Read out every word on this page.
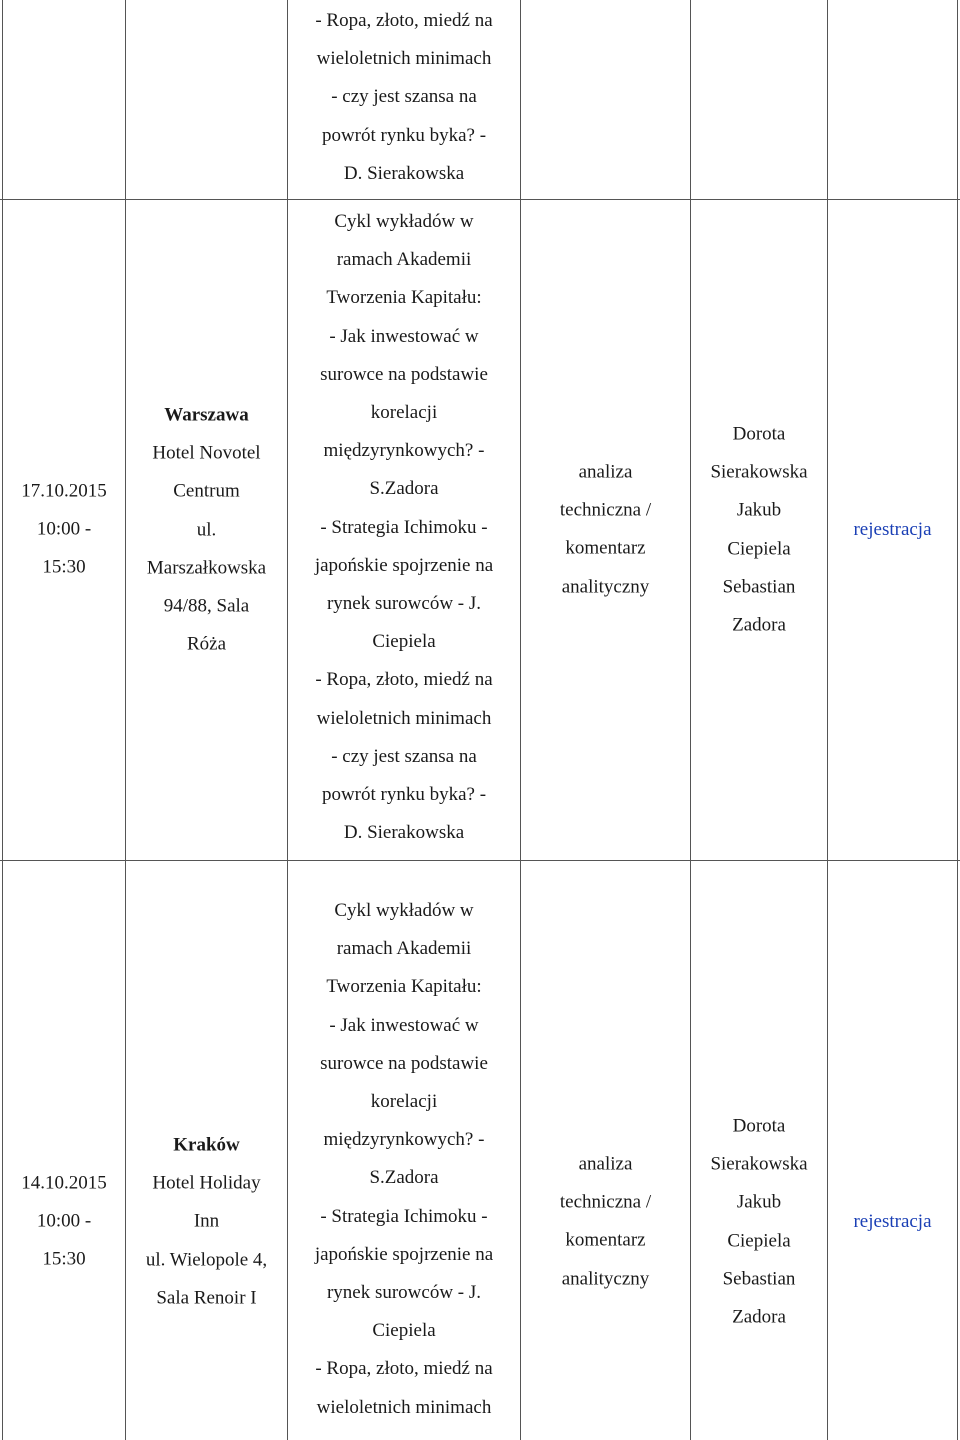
- Ropa, złoto, miedź na
wieloletnich minimach
- czy jest szansa na
powrót rynku byka? -
D. Sierakowska
17.10.2015
10:00 -
15:30
Warszawa
Hotel Novotel
Centrum
ul.
Marszałkowska
94/88, Sala
Róża
Cykl wykładów w
ramach Akademii
Tworzenia Kapitału:
- Jak inwestować w
surowce na podstawie
korelacji
międzyrynkowych? -
S.Zadora
- Strategia Ichimoku -
japońskie spojrzenie na
rynek surowców - J.
Ciepiela
- Ropa, złoto, miedź na
wieloletnich minimach
- czy jest szansa na
powrót rynku byka? -
D. Sierakowska
analiza
techniczna /
komentarz
analityczny
Dorota
Sierakowska
Jakub
Ciepiela
Sebastian
Zadora
rejestracja
14.10.2015
10:00 -
15:30
Kraków
Hotel Holiday
Inn
ul. Wielopole 4,
Sala Renoir I
Cykl wykładów w
ramach Akademii
Tworzenia Kapitału:
- Jak inwestować w
surowce na podstawie
korelacji
międzyrynkowych? -
S.Zadora
- Strategia Ichimoku -
japońskie spojrzenie na
rynek surowców - J.
Ciepiela
- Ropa, złoto, miedź na
wieloletnich minimach
analiza
techniczna /
komentarz
analityczny
Dorota
Sierakowska
Jakub
Ciepiela
Sebastian
Zadora
rejestracja
